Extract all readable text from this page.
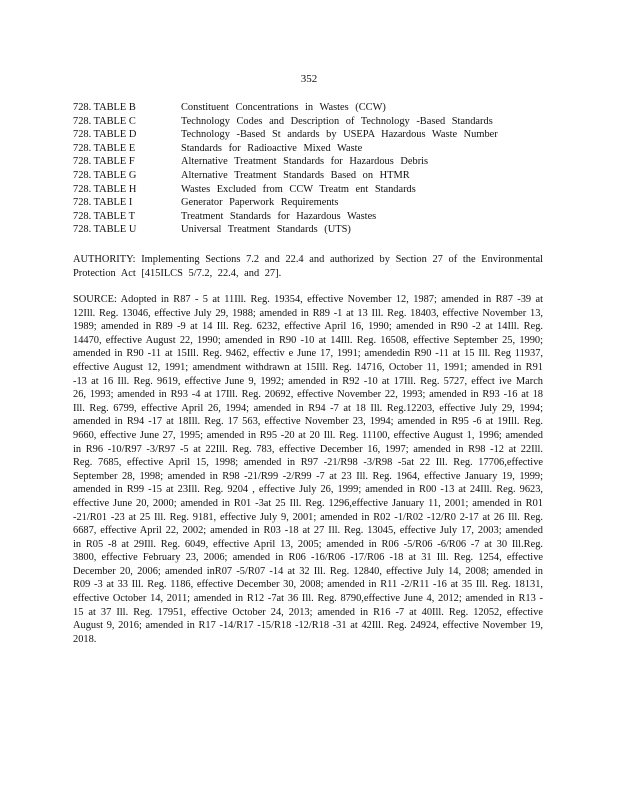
352
728. TABLE B	Constituent Concentrations in Wastes (CCW)
728. TABLE C	Technology Codes and Description of Technology -Based Standards
728. TABLE D	Technology -Based St andards by USEPA Hazardous Waste Number
728. TABLE E	Standards for Radioactive Mixed Waste
728. TABLE F	Alternative Treatment Standards for Hazardous Debris
728. TABLE G	Alternative Treatment Standards Based on HTMR
728. TABLE H	Wastes Excluded from CCW Treatm ent Standards
728. TABLE I	Generator Paperwork Requirements
728. TABLE T	Treatment Standards for Hazardous Wastes
728. TABLE U	Universal Treatment Standards (UTS)

AUTHORITY: Implementing Sections 7.2 and 22.4 and authorized by Section 27 of the Environmental Protection Act [415ILCS 5/7.2, 22.4, and 27].

SOURCE: Adopted in R87 - 5 at 11Ill. Reg. 19354, effective November 12, 1987; amended in R87 -39 at 12Ill. Reg. 13046, effective July 29, 1988; amended in R89 -1 at 13 Ill. Reg. 18403, effective November 13, 1989; amended in R89 -9 at 14 Ill. Reg. 6232, effective April 16, 1990; amended in R90 -2 at 14Ill. Reg. 14470, effective August 22, 1990; amended in R90 -10 at 14Ill. Reg. 16508, effective September 25, 1990; amended in R90 -11 at 15Ill. Reg. 9462, effectiv e June 17, 1991; amendedin R90 -11 at 15 Ill. Reg 11937, effective August 12, 1991; amendment withdrawn at 15Ill. Reg. 14716, October 11, 1991; amended in R91 -13 at 16 Ill. Reg. 9619, effective June 9, 1992; amended in R92 -10 at 17Ill. Reg. 5727, effect ive March 26, 1993; amended in R93 -4 at 17Ill. Reg. 20692, effective November 22, 1993; amended in R93 -16 at 18 Ill. Reg. 6799, effective April 26, 1994; amended in R94 -7 at 18 Ill. Reg.12203, effective July 29, 1994; amended in R94 -17 at 18Ill. Reg. 17 563, effective November 23, 1994; amended in R95 -6 at 19Ill. Reg. 9660, effective June 27, 1995; amended in R95 -20 at 20 Ill. Reg. 11100, effective August 1, 1996; amended in R96 -10/R97 -3/R97 -5 at 22Ill. Reg. 783, effective December 16, 1997; amended in R98 -12 at 22Ill. Reg. 7685, effective April 15, 1998; amended in R97 -21/R98 -3/R98 -5at 22 Ill. Reg. 17706,effective September 28, 1998; amended in R98 -21/R99 -2/R99 -7 at 23 Ill. Reg. 1964, effective January 19, 1999; amended in R99 -15 at 23Ill. Reg. 9204 , effective July 26, 1999; amended in R00 -13 at 24Ill. Reg. 9623, effective June 20, 2000; amended in R01 -3at 25 Ill. Reg. 1296,effective January 11, 2001; amended in R01 -21/R01 -23 at 25 Ill. Reg. 9181, effective July 9, 2001; amended in R02 -1/R02 -12/R0 2-17 at 26 Ill. Reg. 6687, effective April 22, 2002; amended in R03 -18 at 27 Ill. Reg. 13045, effective July 17, 2003; amended in R05 -8 at 29Ill. Reg. 6049, effective April 13, 2005; amended in R06 -5/R06 -6/R06 -7 at 30 Ill.Reg. 3800, effective February 23, 2006; amended in R06 -16/R06 -17/R06 -18 at 31 Ill. Reg. 1254, effective December 20, 2006; amended inR07 -5/R07 -14 at 32 Ill. Reg. 12840, effective July 14, 2008; amended in R09 -3 at 33 Ill. Reg. 1186, effective December 30, 2008; amended in R11 -2/R11 -16 at 35 Ill. Reg. 18131, effective October 14, 2011; amended in R12 -7at 36 Ill. Reg. 8790,effective June 4, 2012; amended in R13 - 15 at 37 Ill. Reg. 17951, effective October 24, 2013; amended in R16 -7 at 40Ill. Reg. 12052, effective August 9, 2016; amended in R17 -14/R17 -15/R18 -12/R18 -31 at 42Ill. Reg. 24924, effective November 19, 2018.
